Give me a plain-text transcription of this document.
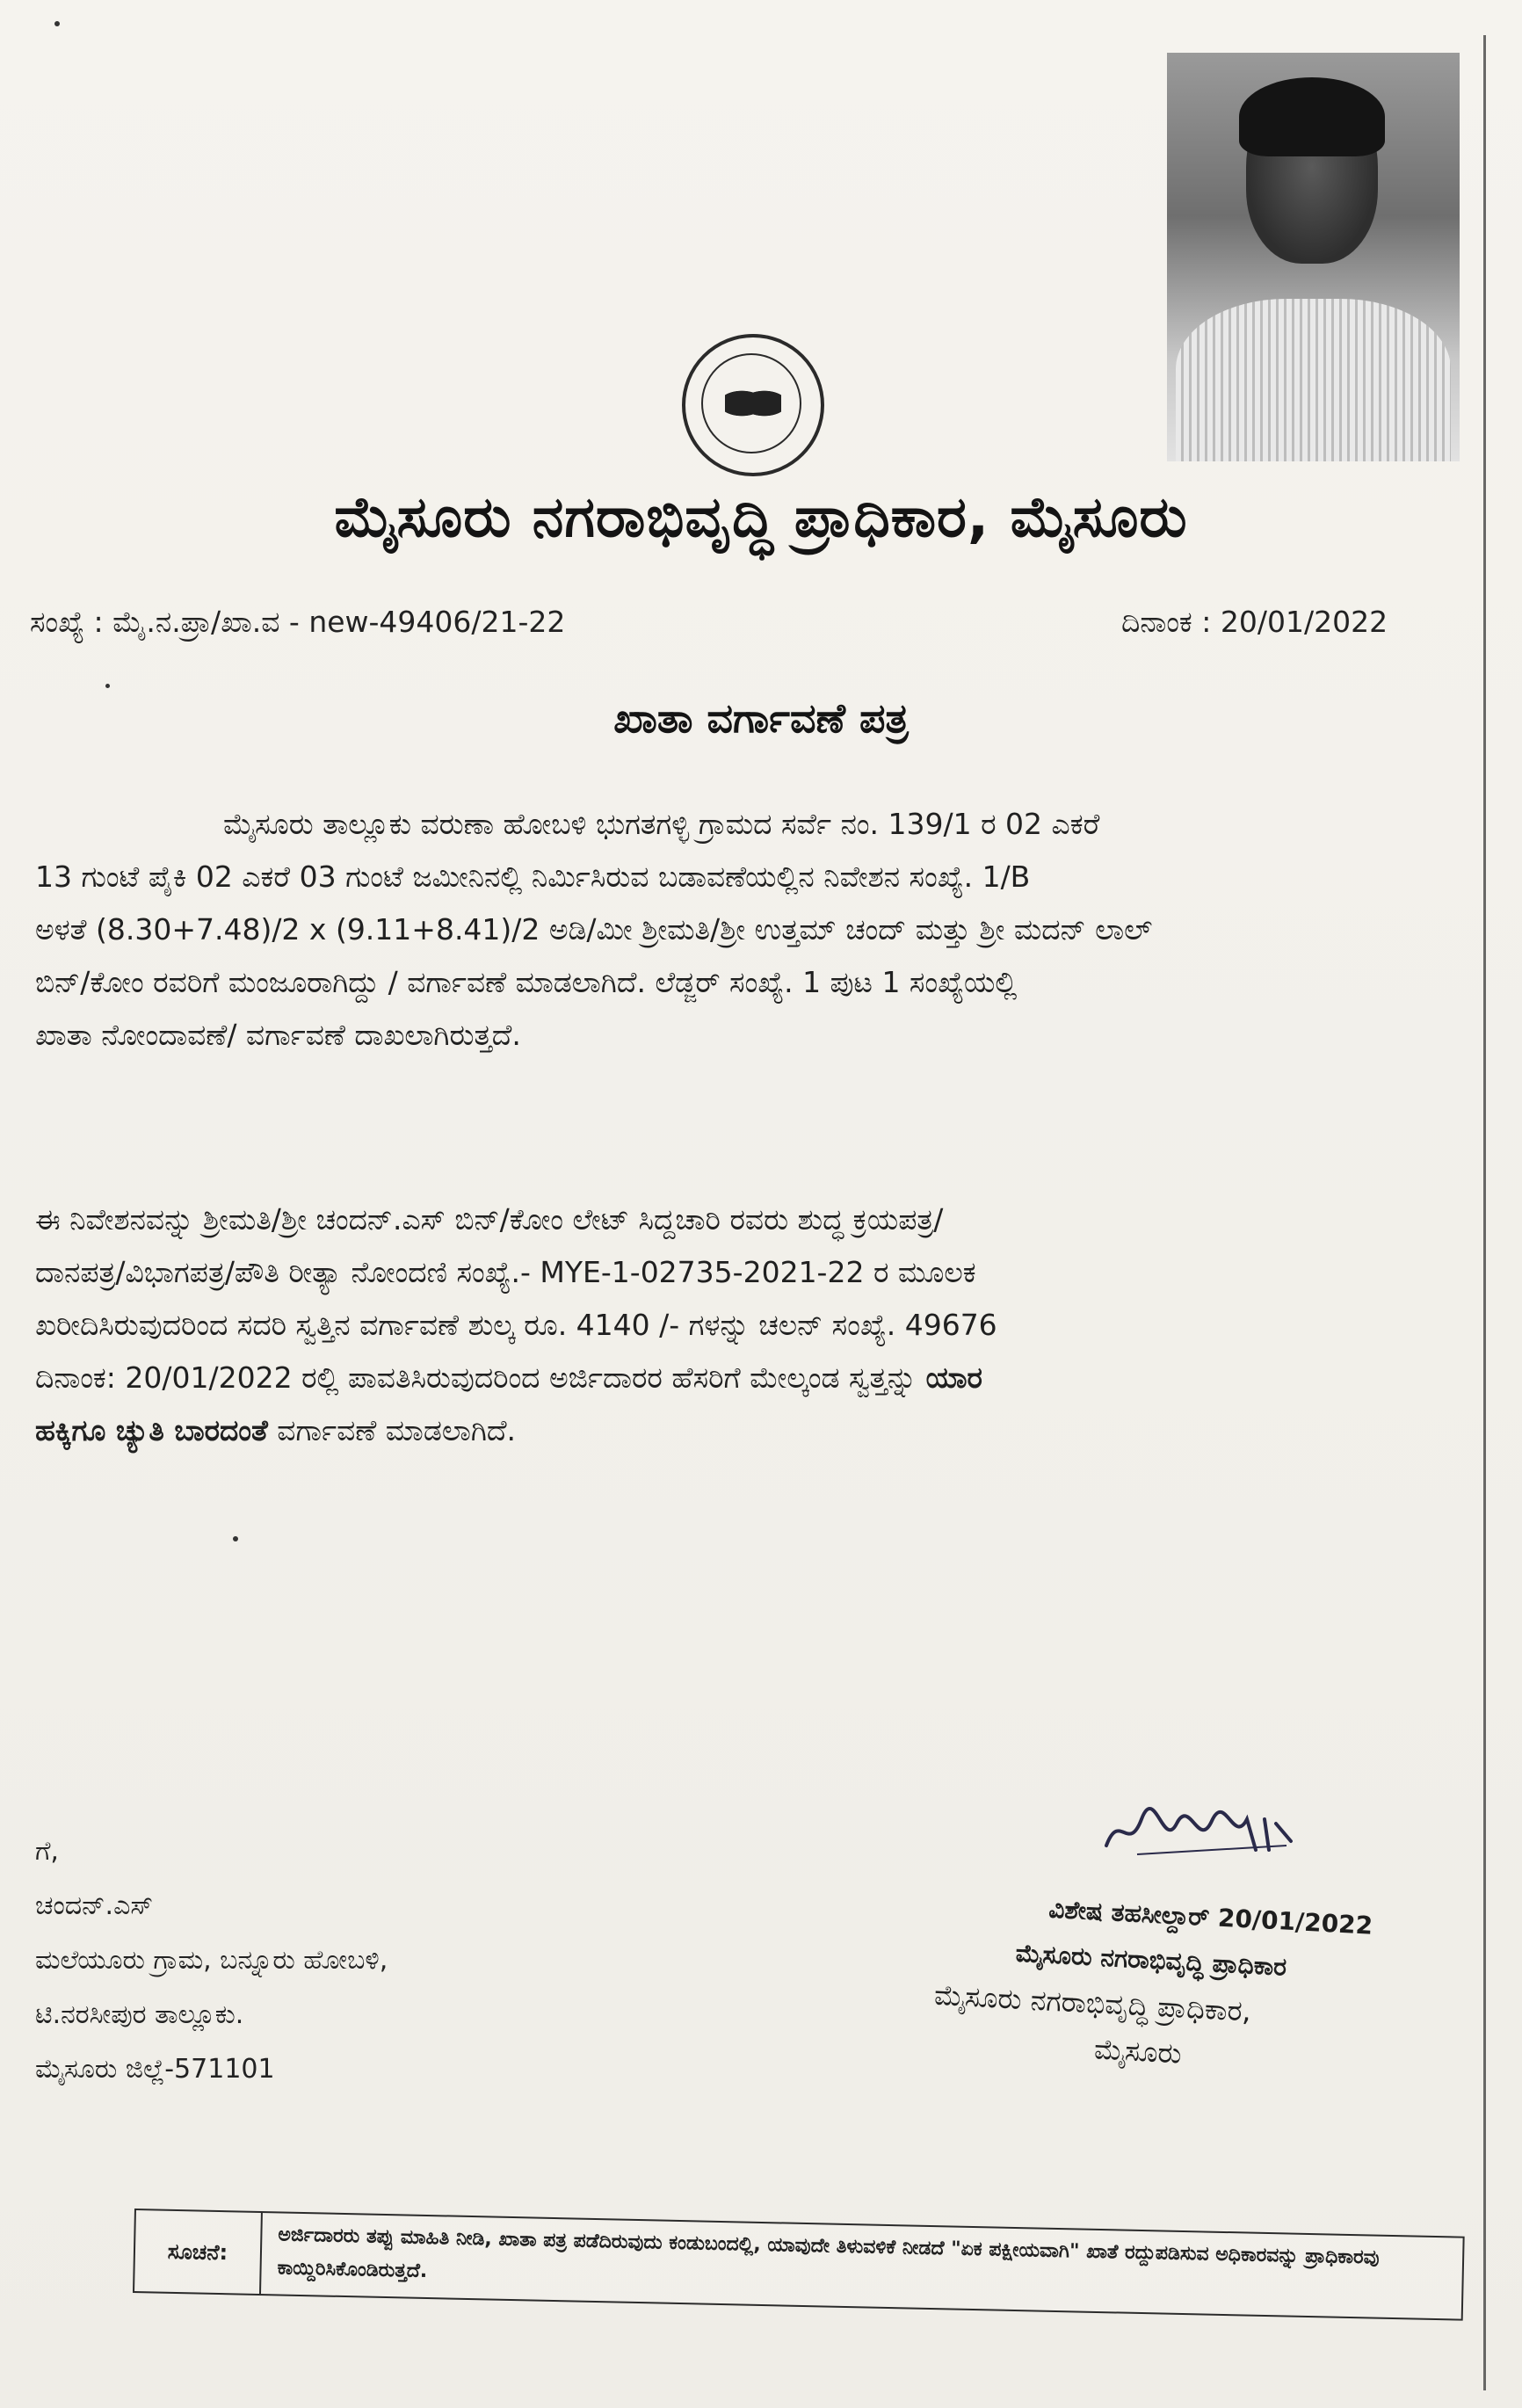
ಮೈಸೂರು ನಗರಾಭಿವೃದ್ಧಿ ಪ್ರಾಧಿಕಾರ, ಮೈಸೂರು
ಸಂಖ್ಯೆ : ಮೈ.ನ.ಪ್ರಾ/ಖಾ.ವ - new-49406/21-22	ದಿನಾಂಕ : 20/01/2022
ಖಾತಾ ವರ್ಗಾವಣೆ ಪತ್ರ
ಮೈಸೂರು ತಾಲ್ಲೂಕು ವರುಣಾ ಹೋಬಳಿ ಭುಗತಗಳ್ಳಿ ಗ್ರಾಮದ ಸರ್ವೆ ನಂ. 139/1 ರ 02 ಎಕರೆ
13 ಗುಂಟೆ ಪೈಕಿ 02 ಎಕರೆ 03 ಗುಂಟೆ ಜಮೀನಿನಲ್ಲಿ ನಿರ್ಮಿಸಿರುವ ಬಡಾವಣೆಯಲ್ಲಿನ ನಿವೇಶನ ಸಂಖ್ಯೆ. 1/B
ಅಳತೆ (8.30+7.48)/2 x (9.11+8.41)/2 ಅಡಿ/ಮೀ ಶ್ರೀಮತಿ/ಶ್ರೀ ಉತ್ತಮ್ ಚಂದ್ ಮತ್ತು ಶ್ರೀ ಮದನ್ ಲಾಲ್
ಬಿನ್/ಕೋಂ ರವರಿಗೆ ಮಂಜೂರಾಗಿದ್ದು / ವರ್ಗಾವಣೆ ಮಾಡಲಾಗಿದೆ. ಲೆಡ್ಜರ್ ಸಂಖ್ಯೆ. 1 ಪುಟ 1 ಸಂಖ್ಯೆಯಲ್ಲಿ
ಖಾತಾ ನೋಂದಾವಣೆ/ ವರ್ಗಾವಣೆ ದಾಖಲಾಗಿರುತ್ತದೆ.
ಈ ನಿವೇಶನವನ್ನು ಶ್ರೀಮತಿ/ಶ್ರೀ ಚಂದನ್.ಎಸ್ ಬಿನ್/ಕೋಂ ಲೇಟ್ ಸಿದ್ದಚಾರಿ ರವರು ಶುದ್ಧ ಕ್ರಯಪತ್ರ/
ದಾನಪತ್ರ/ವಿಭಾಗಪತ್ರ/ಪೌತಿ ರೀತ್ಯಾ ನೋಂದಣಿ ಸಂಖ್ಯೆ.- MYE-1-02735-2021-22 ರ ಮೂಲಕ
ಖರೀದಿಸಿರುವುದರಿಂದ ಸದರಿ ಸ್ವತ್ತಿನ ವರ್ಗಾವಣೆ ಶುಲ್ಕ ರೂ. 4140 /- ಗಳನ್ನು ಚಲನ್ ಸಂಖ್ಯೆ. 49676
ದಿನಾಂಕ: 20/01/2022 ರಲ್ಲಿ ಪಾವತಿಸಿರುವುದರಿಂದ ಅರ್ಜಿದಾರರ ಹೆಸರಿಗೆ ಮೇಲ್ಕಂಡ ಸ್ವತ್ತನ್ನು ಯಾರ
ಹಕ್ಕಿಗೂ ಚ್ಯುತಿ ಬಾರದಂತೆ ವರ್ಗಾವಣೆ ಮಾಡಲಾಗಿದೆ.
ಗೆ,
ಚಂದನ್.ಎಸ್
ಮಲೆಯೂರು ಗ್ರಾಮ, ಬನ್ನೂರು ಹೋಬಳಿ,
ಟಿ.ನರಸೀಪುರ ತಾಲ್ಲೂಕು.
ಮೈಸೂರು ಜಿಲ್ಲೆ-571101
ವಿಶೇಷ ತಹಸೀಲ್ದಾರ್ 20/01/2022
ಮೈಸೂರು ನಗರಾಭಿವೃದ್ಧಿ ಪ್ರಾಧಿಕಾರ
ಮೈಸೂರು ನಗರಾಭಿವೃದ್ಧಿ ಪ್ರಾಧಿಕಾರ,
ಮೈಸೂರು
ಸೂಚನೆ:	ಅರ್ಜಿದಾರರು ತಪ್ಪು ಮಾಹಿತಿ ನೀಡಿ, ಖಾತಾ ಪತ್ರ ಪಡೆದಿರುವುದು ಕಂಡುಬಂದಲ್ಲಿ, ಯಾವುದೇ ತಿಳುವಳಿಕೆ ನೀಡದೆ "ಏಕ ಪಕ್ಷೀಯವಾಗಿ" ಖಾತೆ ರದ್ದುಪಡಿಸುವ ಅಧಿಕಾರವನ್ನು ಪ್ರಾಧಿಕಾರವು ಕಾಯ್ದಿರಿಸಿಕೊಂಡಿರುತ್ತದೆ.
